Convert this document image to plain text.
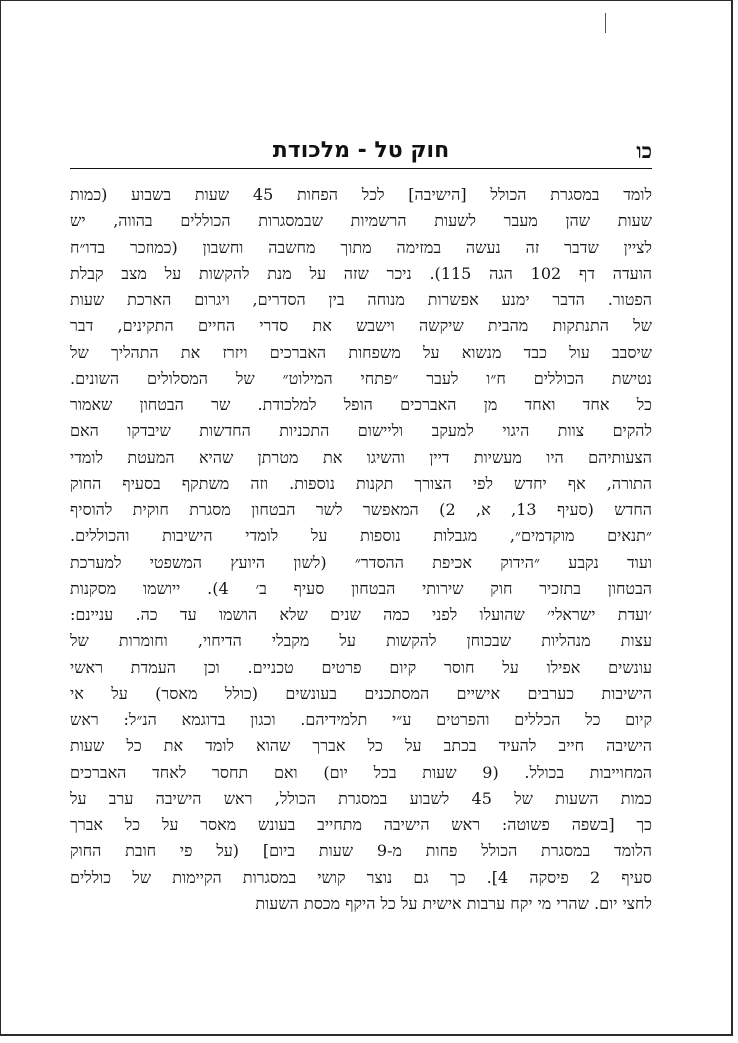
כו
חוק טל - מלכודת
לומד במסגרת הכולל [הישיבה] לכל הפחות 45 שעות בשבוע (כמות
שעות שהן מעבר לשעות הרשמיות שבמסגרות הכוללים בהווה, יש
לציין שדבר זה נעשה במזימה מתוך מחשבה וחשבון (כמוזכר בדו״ח
הועדה דף 102 הגה 115). ניכר שזה על מנת להקשות על מצב קבלת
הפטור. הדבר ימנע אפשרות מנוחה בין הסדרים, ויגרום הארכת שעות
של התנתקות מהבית שיקשה וישבש את סדרי החיים התקינים, דבר
שיסבב עול כבד מנשוא על משפחות האברכים ויזרז את התהליך של
נטישת הכוללים ח״ו לעבר ״פתחי המילוט״ של המסלולים השונים.
כל אחד ואחד מן האברכים הופל למלכודת. שר הבטחון שאמור
להקים צוות היגוי למעקב וליישום התכניות החדשות שיבדקו האם
הצעותיהם היו מעשיות דיין והשיגו את מטרתן שהיא המעטת לומדי
התורה, אף יחדש לפי הצורך תקנות נוספות. וזה משתקף בסעיף החוק
החדש (סעיף 13, א, 2) המאפשר לשר הבטחון מסגרת חוקית להוסיף
״תנאים מוקדמים״, מגבלות נוספות על לומדי הישיבות והכוללים.
ועוד נקבע ״הידוק אכיפת ההסדר״ (לשון היועץ המשפטי למערכת
הבטחון בתזכיר חוק שירותי הבטחון סעיף ב׳ 4). ייושמו מסקנות
׳ועדת ישראלי׳ שהועלו לפני כמה שנים שלא הושמו עד כה. עניינם:
עצות מנהליות שבכוחן להקשות על מקבלי הדיחוי, וחומרות של
עונשים אפילו על חוסר קיום פרטים טכניים. וכן העמדת ראשי
הישיבות כערבים אישיים המסתכנים בעונשים (כולל מאסר) על אי
קיום כל הכללים והפרטים ע״י תלמידיהם. וכגון בדוגמא הנ״ל: ראש
הישיבה חייב להעיד בכתב על כל אברך שהוא לומד את כל שעות
המחוייבות בכולל. (9 שעות בכל יום) ואם תחסר לאחד האברכים
כמות השעות של 45 לשבוע במסגרת הכולל, ראש הישיבה ערב על
כך [בשפה פשוטה: ראש הישיבה מתחייב בעונש מאסר על כל אברך
הלומד במסגרת הכולל פחות מ-9 שעות ביום] (על פי חובת החוק
סעיף 2 פיסקה 4]. כך גם נוצר קושי במסגרות הקיימות של כוללים
לחצי יום. שהרי מי יקח ערבות אישית על כל היקף מכסת השעות
